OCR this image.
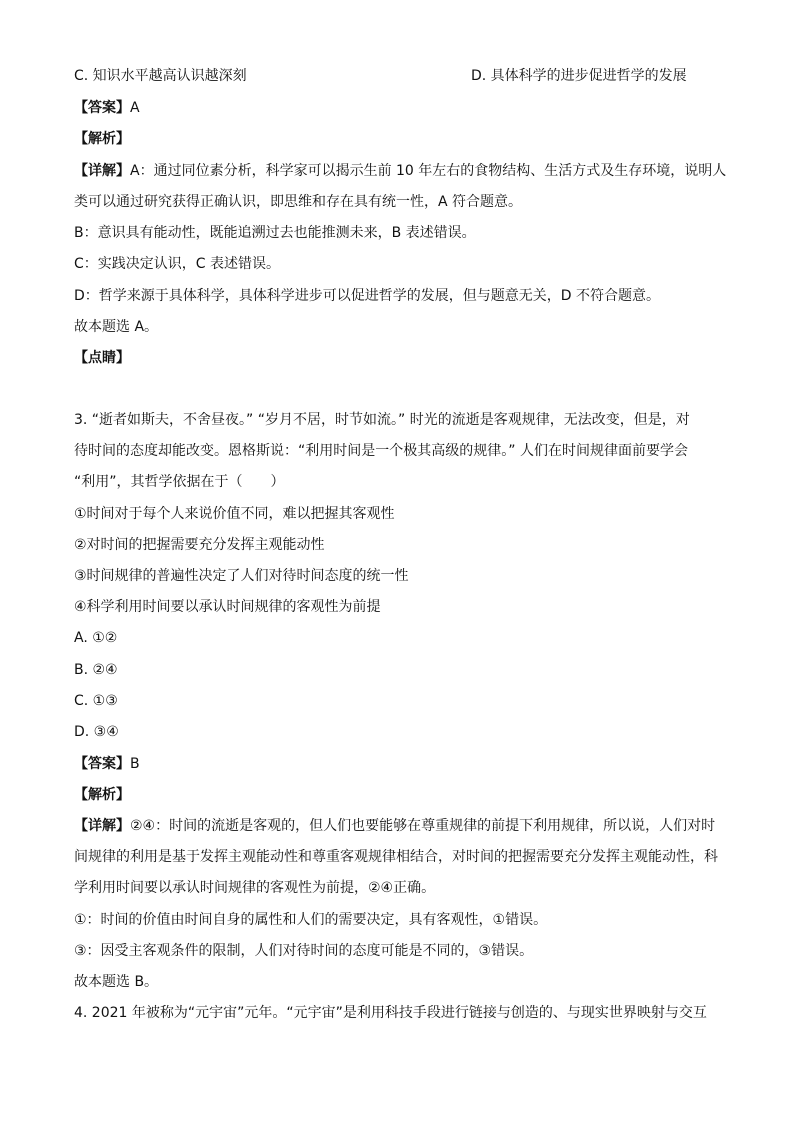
C. 知识水平越高认识越深刻	D. 具体科学的进步促进哲学的发展
【答案】A
【解析】
【详解】A：通过同位素分析，科学家可以揭示生前 10 年左右的食物结构、生活方式及生存环境，说明人
类可以通过研究获得正确认识，即思维和存在具有统一性，A 符合题意。
B：意识具有能动性，既能追溯过去也能推测未来，B 表述错误。
C：实践决定认识，C 表述错误。
D：哲学来源于具体科学，具体科学进步可以促进哲学的发展，但与题意无关，D 不符合题意。
故本题选 A。
【点睛】
3. “逝者如斯夫，不舍昼夜。” “岁月不居，时节如流。” 时光的流逝是客观规律，无法改变，但是，对
待时间的态度却能改变。恩格斯说：“利用时间是一个极其高级的规律。” 人们在时间规律面前要学会
“利用”，其哲学依据在于（　　）
①时间对于每个人来说价值不同，难以把握其客观性
②对时间的把握需要充分发挥主观能动性
③时间规律的普遍性决定了人们对待时间态度的统一性
④科学利用时间要以承认时间规律的客观性为前提
A. ①②
B. ②④
C. ①③
D. ③④
【答案】B
【解析】
【详解】②④：时间的流逝是客观的，但人们也要能够在尊重规律的前提下利用规律，所以说，人们对时
间规律的利用是基于发挥主观能动性和尊重客观规律相结合，对时间的把握需要充分发挥主观能动性，科
学利用时间要以承认时间规律的客观性为前提，②④正确。
①：时间的价值由时间自身的属性和人们的需要决定，具有客观性，①错误。
③：因受主客观条件的限制，人们对待时间的态度可能是不同的，③错误。
故本题选 B。
4. 2021 年被称为“元宇宙”元年。“元宇宙”是利用科技手段进行链接与创造的、与现实世界映射与交互
